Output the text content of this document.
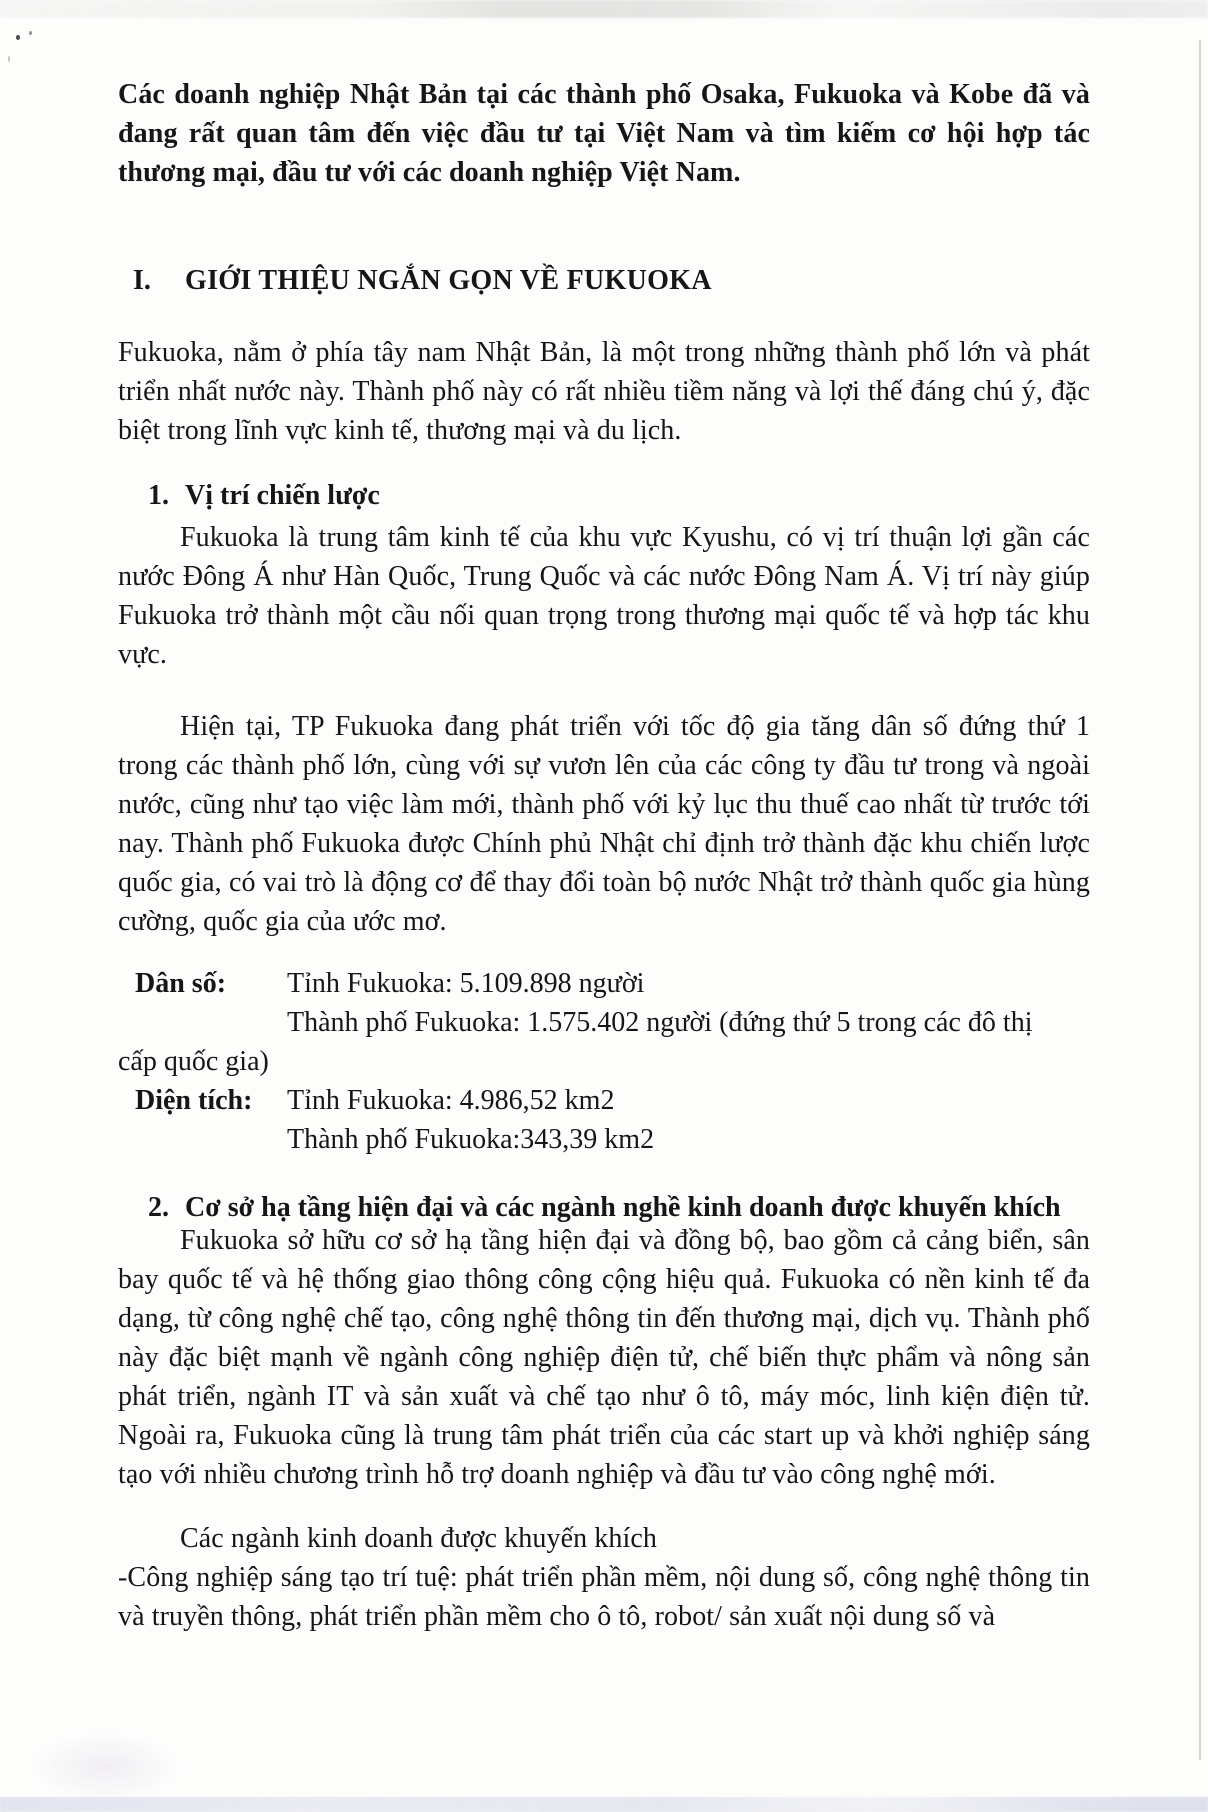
Các doanh nghiệp Nhật Bản tại các thành phố Osaka, Fukuoka và Kobe đã và đang rất quan tâm đến việc đầu tư tại Việt Nam và tìm kiếm cơ hội hợp tác thương mại, đầu tư với các doanh nghiệp Việt Nam.

I.	GIỚI THIỆU NGẮN GỌN VỀ FUKUOKA

Fukuoka, nằm ở phía tây nam Nhật Bản, là một trong những thành phố lớn và phát triển nhất nước này. Thành phố này có rất nhiều tiềm năng và lợi thế đáng chú ý, đặc biệt trong lĩnh vực kinh tế, thương mại và du lịch.

1. Vị trí chiến lược

Fukuoka là trung tâm kinh tế của khu vực Kyushu, có vị trí thuận lợi gần các nước Đông Á như Hàn Quốc, Trung Quốc và các nước Đông Nam Á. Vị trí này giúp Fukuoka trở thành một cầu nối quan trọng trong thương mại quốc tế và hợp tác khu vực.

Hiện tại, TP Fukuoka đang phát triển với tốc độ gia tăng dân số đứng thứ 1 trong các thành phố lớn, cùng với sự vươn lên của các công ty đầu tư trong và ngoài nước, cũng như tạo việc làm mới, thành phố với kỷ lục thu thuế cao nhất từ trước tới nay. Thành phố Fukuoka được Chính phủ Nhật chỉ định trở thành đặc khu chiến lược quốc gia, có vai trò là động cơ để thay đổi toàn bộ nước Nhật trở thành quốc gia hùng cường, quốc gia của ước mơ.

Dân số:	Tỉnh Fukuoka: 5.109.898 người
Thành phố Fukuoka: 1.575.402 người (đứng thứ 5 trong các đô thị
cấp quốc gia)
Diện tích:	Tỉnh Fukuoka: 4.986,52 km2
Thành phố Fukuoka:343,39 km2
2. Cơ sở hạ tầng hiện đại và các ngành nghề kinh doanh được khuyến khích

Fukuoka sở hữu cơ sở hạ tầng hiện đại và đồng bộ, bao gồm cả cảng biển, sân bay quốc tế và hệ thống giao thông công cộng hiệu quả. Fukuoka có nền kinh tế đa dạng, từ công nghệ chế tạo, công nghệ thông tin đến thương mại, dịch vụ. Thành phố này đặc biệt mạnh về ngành công nghiệp điện tử, chế biến thực phẩm và nông sản phát triển, ngành IT và sản xuất và chế tạo như ô tô, máy móc, linh kiện điện tử. Ngoài ra, Fukuoka cũng là trung tâm phát triển của các start up và khởi nghiệp sáng tạo với nhiều chương trình hỗ trợ doanh nghiệp và đầu tư vào công nghệ mới.

Các ngành kinh doanh được khuyến khích

-Công nghiệp sáng tạo trí tuệ: phát triển phần mềm, nội dung số, công nghệ thông tin và truyền thông, phát triển phần mềm cho ô tô, robot/ sản xuất nội dung số và
